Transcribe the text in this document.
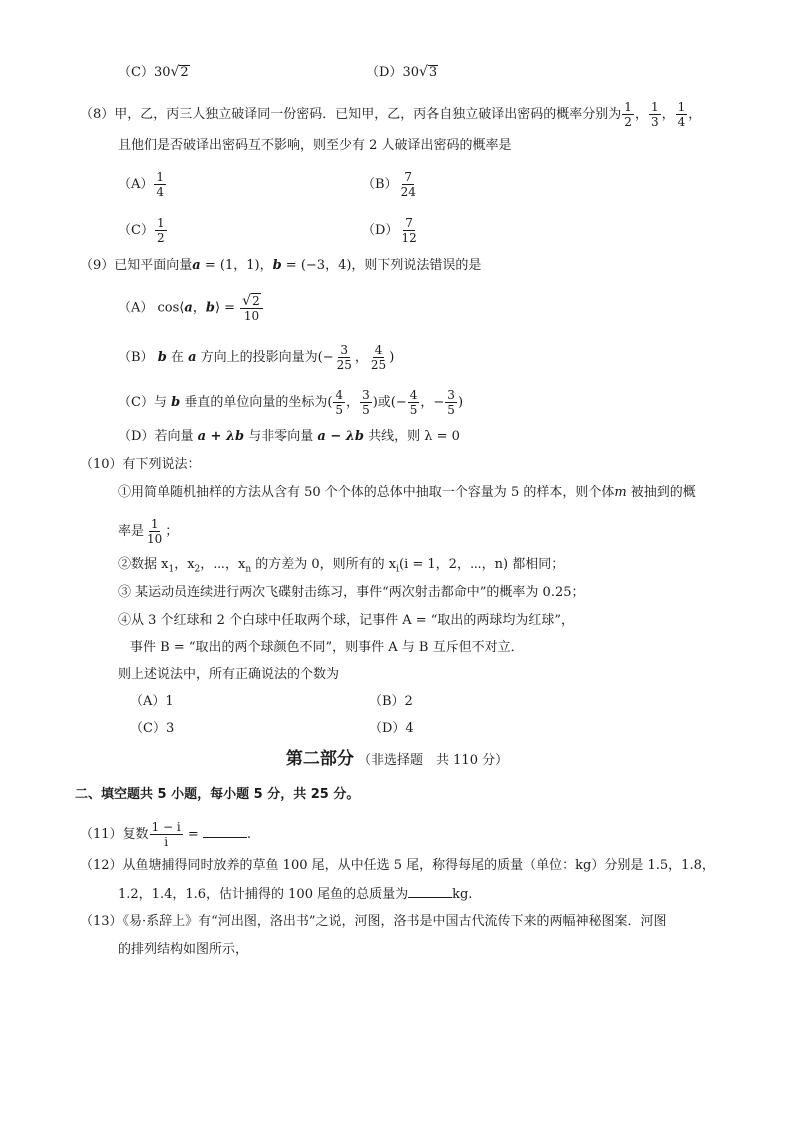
（C）30√2	（D）30√3
（8）甲，乙，丙三人独立破译同一份密码．已知甲，乙，丙各自独立破译出密码的概率分别为 $\frac{1}{2}$ ， $\frac{1}{3}$ ， $\frac{1}{4}$ ，
且他们是否破译出密码互不影响，则至少有 2 人破译出密码的概率是
$(A) \frac{1}{4}$	$(B) \frac{7}{24}$
$(C) \frac{1}{2}$	$(D) \frac{7}{12}$
（9）已知平面向量a = (1，1)，b = (−3，4)，则下列说法错误的是
（A） cos⟨a，b⟩ = $\frac{√2}{10}$
（B） b 在 a 方向上的投影向量为(− $\frac{3}{25}$ ， $\frac{4}{25}$ )
（C）与 b 垂直的单位向量的坐标为( $\frac{4}{5}$ ， $\frac{3}{5}$ )或(− $\frac{4}{5}$ ，− $\frac{3}{5}$ )
（D）若向量 a + λb 与非零向量 a − λb 共线，则 λ = 0
（10）有下列说法：
①用简单随机抽样的方法从含有 50 个个体的总体中抽取一个容量为 5 的样本，则个体m 被抽到的概
率是 $\frac{1}{10}$ ；
②数据 $x_1$，$x_2$，⋯，$x_n$ 的方差为 0，则所有的 $x_i(i = 1$，2，⋯，n) 都相同；
③ 某运动员连续进行两次飞碟射击练习，事件“两次射击都命中”的概率为 0.25；
④从 3 个红球和 2 个白球中任取两个球，记事件 A = “取出的两球均为红球”，
事件 B = “取出的两个球颜色不同”，则事件 A 与 B 互斥但不对立．
则上述说法中，所有正确说法的个数为
（A）1	（B）2
（C）3	（D）4
第二部分 （非选择题　共 110 分）
二、填空题共 5 小题，每小题 5 分，共 25 分。
（11）复数 $\frac{1 - i}{i}$ =	.
（12）从鱼塘捕得同时放养的草鱼 100 尾，从中任选 5 尾，称得每尾的质量（单位：kg）分别是 1.5，1.8，
1.2，1.4，1.6，估计捕得的 100 尾鱼的总质量为	kg.
（13）《易·系辞上》有“河出图，洛出书”之说，河图，洛书是中国古代流传下来的两幅神秘图案．河图
的排列结构如图所示，
